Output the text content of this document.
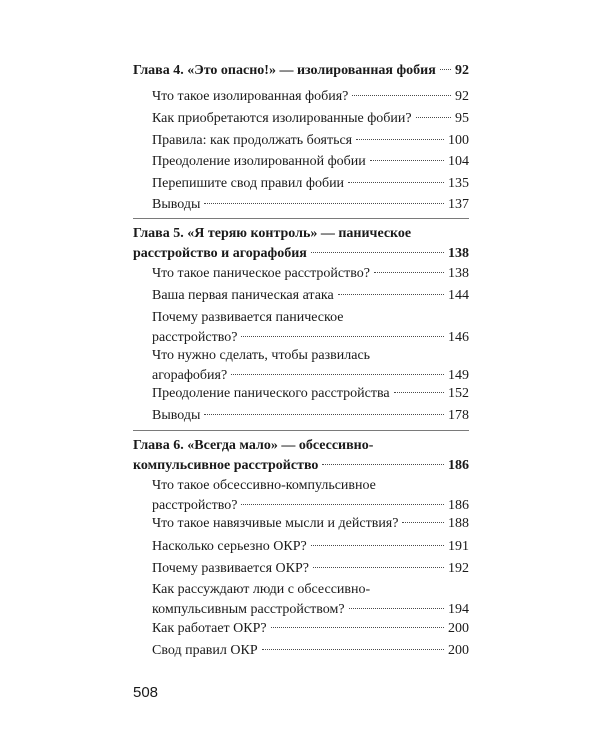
Глава 4. «Это опасно!» — изолированная фобия 92
Что такое изолированная фобия?	92
Как приобретаются изолированные фобии?	95
Правила: как продолжать бояться	100
Преодоление изолированной фобии	104
Перепишите свод правил фобии	135
Выводы	137
Глава 5. «Я теряю контроль» — паническое
расстройство и агорафобия	138
Что такое паническое расстройство?	138
Ваша первая паническая атака	144
Почему развивается паническое
расстройство?	146
Что нужно сделать, чтобы развилась
агорафобия?	149
Преодоление панического расстройства	152
Выводы	178
Глава 6. «Всегда мало» — обсессивно-
компульсивное расстройство	186
Что такое обсессивно-компульсивное
расстройство?	186
Что такое навязчивые мысли и действия?	188
Насколько серьезно ОКР?	191
Почему развивается ОКР?	192
Как рассуждают люди с обсессивно-
компульсивным расстройством?	194
Как работает ОКР?	200
Свод правил ОКР	200
508
